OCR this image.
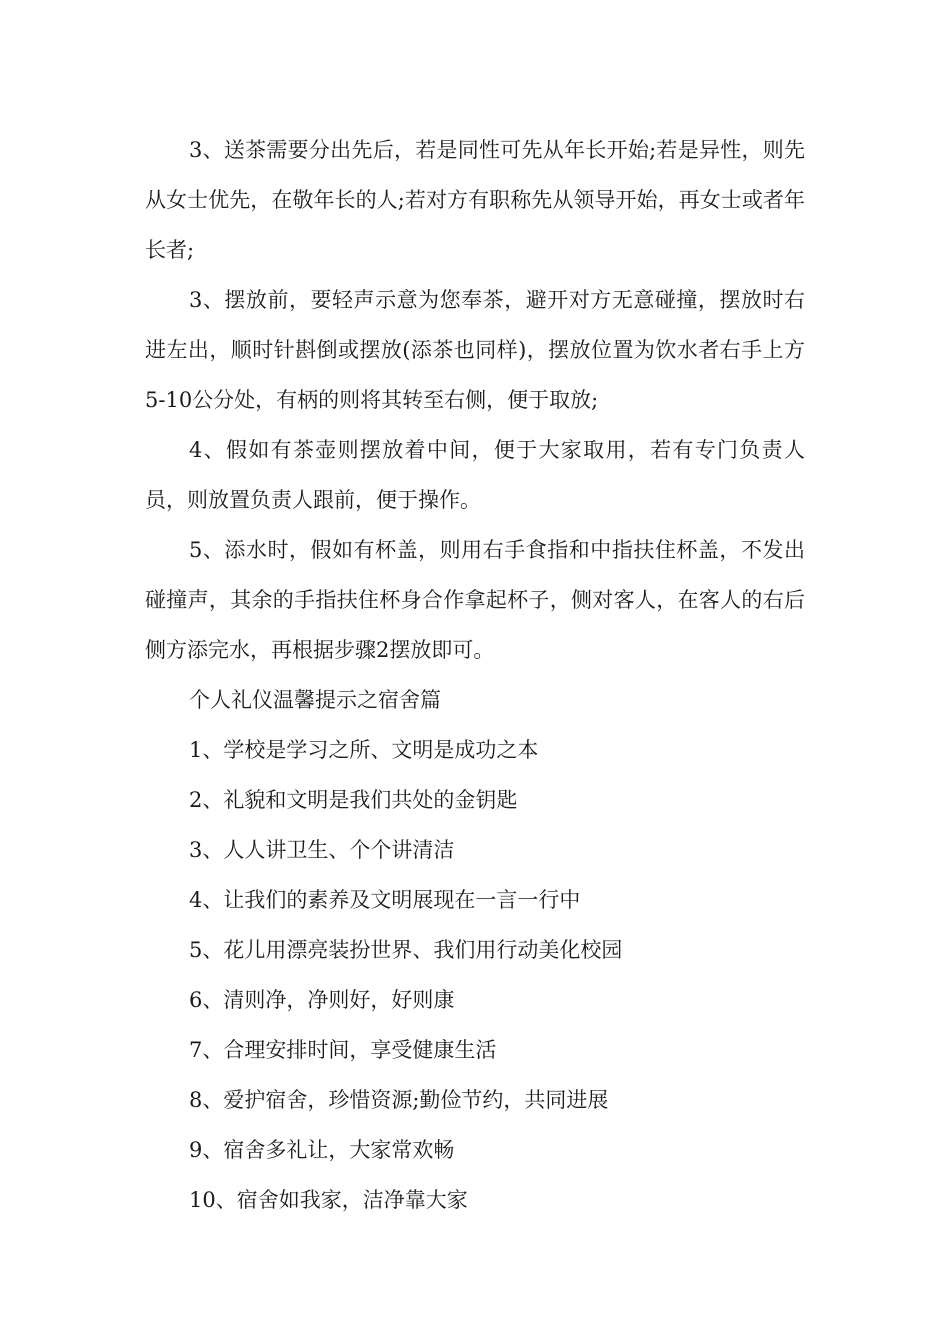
3、送茶需要分出先后，若是同性可先从年长开始;若是异性，则先从女士优先，在敬年长的人;若对方有职称先从领导开始，再女士或者年长者;

3、摆放前，要轻声示意为您奉茶，避开对方无意碰撞，摆放时右进左出，顺时针斟倒或摆放(添茶也同样)，摆放位置为饮水者右手上方5-10公分处，有柄的则将其转至右侧，便于取放;

4、假如有茶壶则摆放着中间，便于大家取用，若有专门负责人员，则放置负责人跟前，便于操作。

5、添水时，假如有杯盖，则用右手食指和中指扶住杯盖，不发出碰撞声，其余的手指扶住杯身合作拿起杯子，侧对客人，在客人的右后侧方添完水，再根据步骤2摆放即可。

个人礼仪温馨提示之宿舍篇

1、学校是学习之所、文明是成功之本
2、礼貌和文明是我们共处的金钥匙
3、人人讲卫生、个个讲清洁
4、让我们的素养及文明展现在一言一行中
5、花儿用漂亮装扮世界、我们用行动美化校园
6、清则净，净则好，好则康
7、合理安排时间，享受健康生活
8、爱护宿舍，珍惜资源;勤俭节约，共同进展
9、宿舍多礼让，大家常欢畅
10、宿舍如我家，洁净靠大家
